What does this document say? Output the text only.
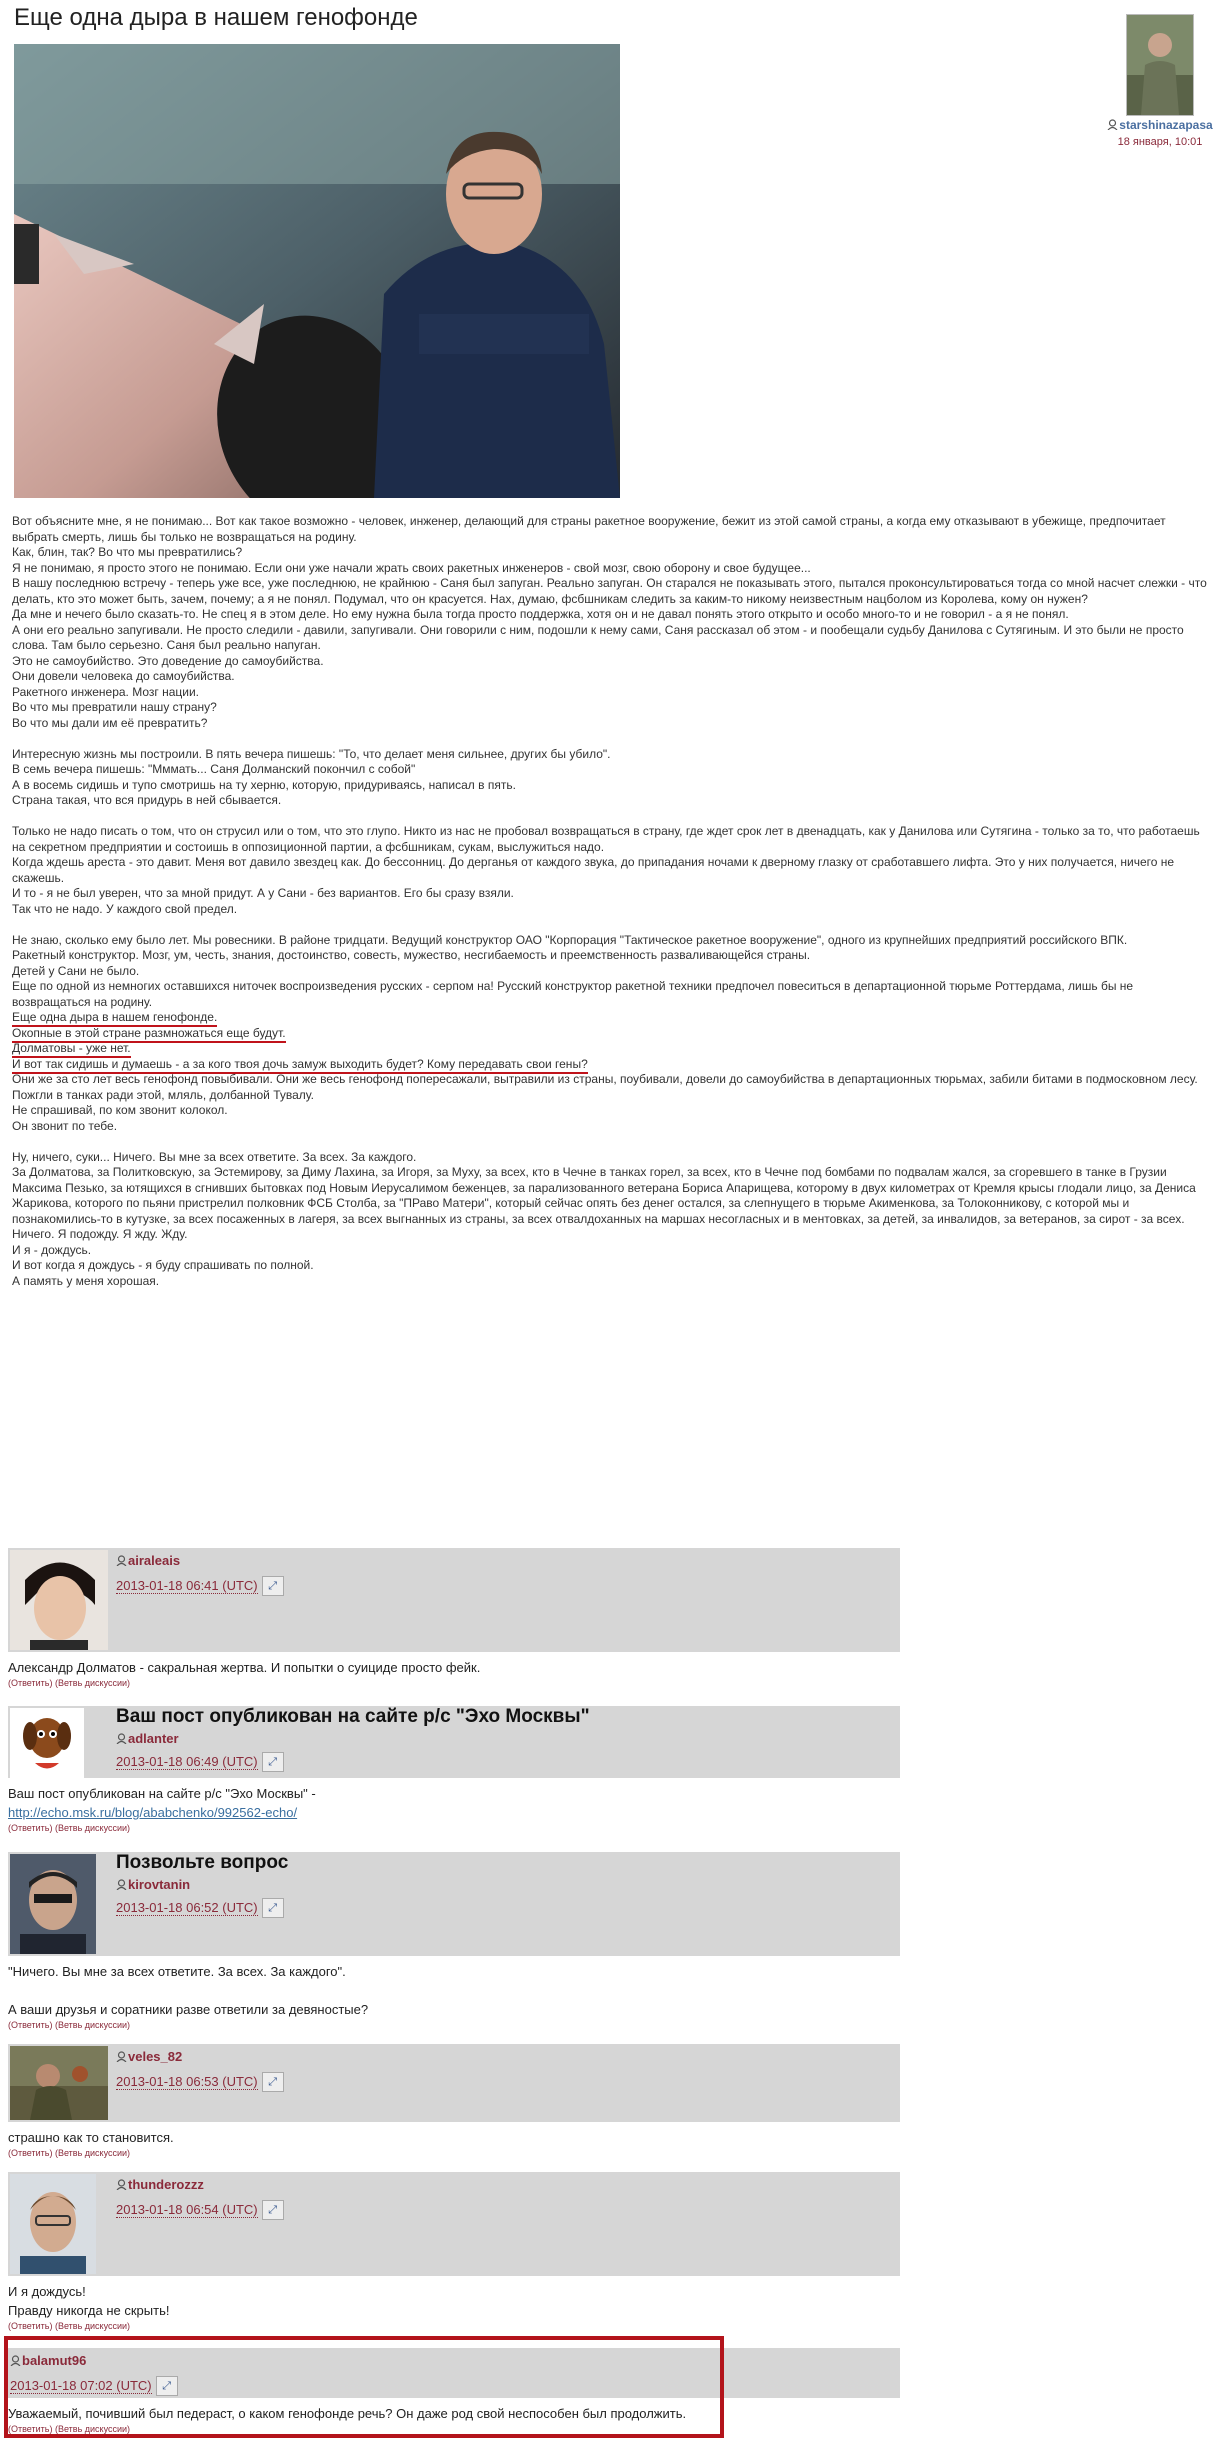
Еще одна дыра в нашем генофонде
starshinazapasa
18 января, 10:01

Вот объясните мне, я не понимаю... Вот как такое возможно - человек, инженер, делающий для страны ракетное вооружение, бежит из этой самой страны, а когда ему отказывают в убежище, предпочитает выбрать смерть, лишь бы только не возвращаться на родину.

Как, блин, так? Во что мы превратились?

Я не понимаю, я просто этого не понимаю. Если они уже начали жрать своих ракетных инженеров - свой мозг, свою оборону и свое будущее...

В нашу последнюю встречу - теперь уже все, уже последнюю, не крайнюю - Саня был запуган. Реально запуган. Он старался не показывать этого, пытался проконсультироваться тогда со мной насчет слежки - что делать, кто это может быть, зачем, почему; а я не понял. Подумал, что он красуется. Нах, думаю, фсбшникам следить за каким-то никому неизвестным нацболом из Королева, кому он нужен?

Да мне и нечего было сказать-то. Не спец я в этом деле. Но ему нужна была тогда просто поддержка, хотя он и не давал понять этого открыто и особо много-то и не говорил - а я не понял.

А они его реально запугивали. Не просто следили - давили, запугивали. Они говорили с ним, подошли к нему сами, Саня рассказал об этом - и пообещали судьбу Данилова с Сутягиным. И это были не просто слова. Там было серьезно. Саня был реально напуган.

Это не самоубийство. Это доведение до самоубийства.

Они довели человека до самоубийства.

Ракетного инженера. Мозг нации.

Во что мы превратили нашу страну?

Во что мы дали им её превратить?

Интересную жизнь мы построили. В пять вечера пишешь: "То, что делает меня сильнее, других бы убило".

В семь вечера пишешь: "Мммать... Саня Долманский покончил с собой"

А в восемь сидишь и тупо смотришь на ту херню, которую, придуриваясь, написал в пять.

Страна такая, что вся придурь в ней сбывается.

Только не надо писать о том, что он струсил или о том, что это глупо. Никто из нас не пробовал возвращаться в страну, где ждет срок лет в двенадцать, как у Данилова или Сутягина - только за то, что работаешь на секретном предприятии и состоишь в оппозиционной партии, а фсбшникам, сукам, выслужиться надо.

Когда ждешь ареста - это давит. Меня вот давило звездец как. До бессонниц. До дерганья от каждого звука, до припадания ночами к дверному глазку от сработавшего лифта. Это у них получается, ничего не скажешь.

И то - я не был уверен, что за мной придут. А у Сани - без вариантов. Его бы сразу взяли.

Так что не надо. У каждого свой предел.

Не знаю, сколько ему было лет. Мы ровесники. В районе тридцати. Ведущий конструктор ОАО "Корпорация "Тактическое ракетное вооружение", одного из крупнейших предприятий российского ВПК.

Ракетный конструктор. Мозг, ум, честь, знания, достоинство, совесть, мужество, несгибаемость и преемственность разваливающейся страны.

Детей у Сани не было.

Еще по одной из немногих оставшихся ниточек воспроизведения русских - серпом на! Русский конструктор ракетной техники предпочел повеситься в департационной тюрьме Роттердама, лишь бы не возвращаться на родину.

Еще одна дыра в нашем генофонде.

Окопные в этой стране размножаться еще будут.

Долматовы - уже нет.

И вот так сидишь и думаешь - а за кого твоя дочь замуж выходить будет? Кому передавать свои гены?

Они же за сто лет весь генофонд повыбивали. Они же весь генофонд попересажали, вытравили из страны, поубивали, довели до самоубийства в департационных тюрьмах, забили битами в подмосковном лесу.

Пожгли в танках ради этой, мляль, долбанной Тувалу.

Не спрашивай, по ком звонит колокол.

Он звонит по тебе.

Ну, ничего, суки... Ничего. Вы мне за всех ответите. За всех. За каждого.

За Долматова, за Политковскую, за Эстемирову, за Диму Лахина, за Игоря, за Муху, за всех, кто в Чечне в танках горел, за всех, кто в Чечне под бомбами по подвалам жался, за сгоревшего в танке в Грузии Максима Пезько, за ютящихся в сгнивших бытовках под Новым Иерусалимом беженцев, за парализованного ветерана Бориса Апарищева, которому в двух километрах от Кремля крысы глодали лицо, за Дениса Жарикова, которого по пьяни пристрелил полковник ФСБ Столба, за "ПРаво Матери", который сейчас опять без денег остался, за слепнущего в тюрьме Акименкова, за Толоконникову, с которой мы и познакомились-то в кутузке, за всех посаженных в лагеря, за всех выгнанных из страны, за всех отвалдоханных на маршах несогласных и в ментовках, за детей, за инвалидов, за ветеранов, за сирот - за всех.

Ничего. Я подожду. Я жду. Жду.

И я - дождусь.

И вот когда я дождусь - я буду спрашивать по полной.

А память у меня хорошая.

airaleais
2013-01-18 06:41 (UTC) ⤢
Александр Долматов - сакральная жертва. И попытки о суициде просто фейк.
(Ответить) (Ветвь дискуссии)
Ваш пост опубликован на сайте р/с "Эхо Москвы"
adlanter
2013-01-18 06:49 (UTC) ⤢
Ваш пост опубликован на сайте р/с "Эхо Москвы" -
http://echo.msk.ru/blog/ababchenko/992562-echo/
(Ответить) (Ветвь дискуссии)
Позвольте вопрос
kirovtanin
2013-01-18 06:52 (UTC) ⤢
"Ничего. Вы мне за всех ответите. За всех. За каждого".
А ваши друзья и соратники разве ответили за девяностые?
(Ответить) (Ветвь дискуссии)
veles_82
2013-01-18 06:53 (UTC) ⤢
страшно как то становится.
(Ответить) (Ветвь дискуссии)
thunderozzz
2013-01-18 06:54 (UTC) ⤢
И я дождусь!
Правду никогда не скрыть!
(Ответить) (Ветвь дискуссии)
balamut96
2013-01-18 07:02 (UTC) ⤢
Уважаемый, почивший был педераст, о каком генофонде речь? Он даже род свой неспособен был продолжить.
(Ответить) (Ветвь дискуссии)
